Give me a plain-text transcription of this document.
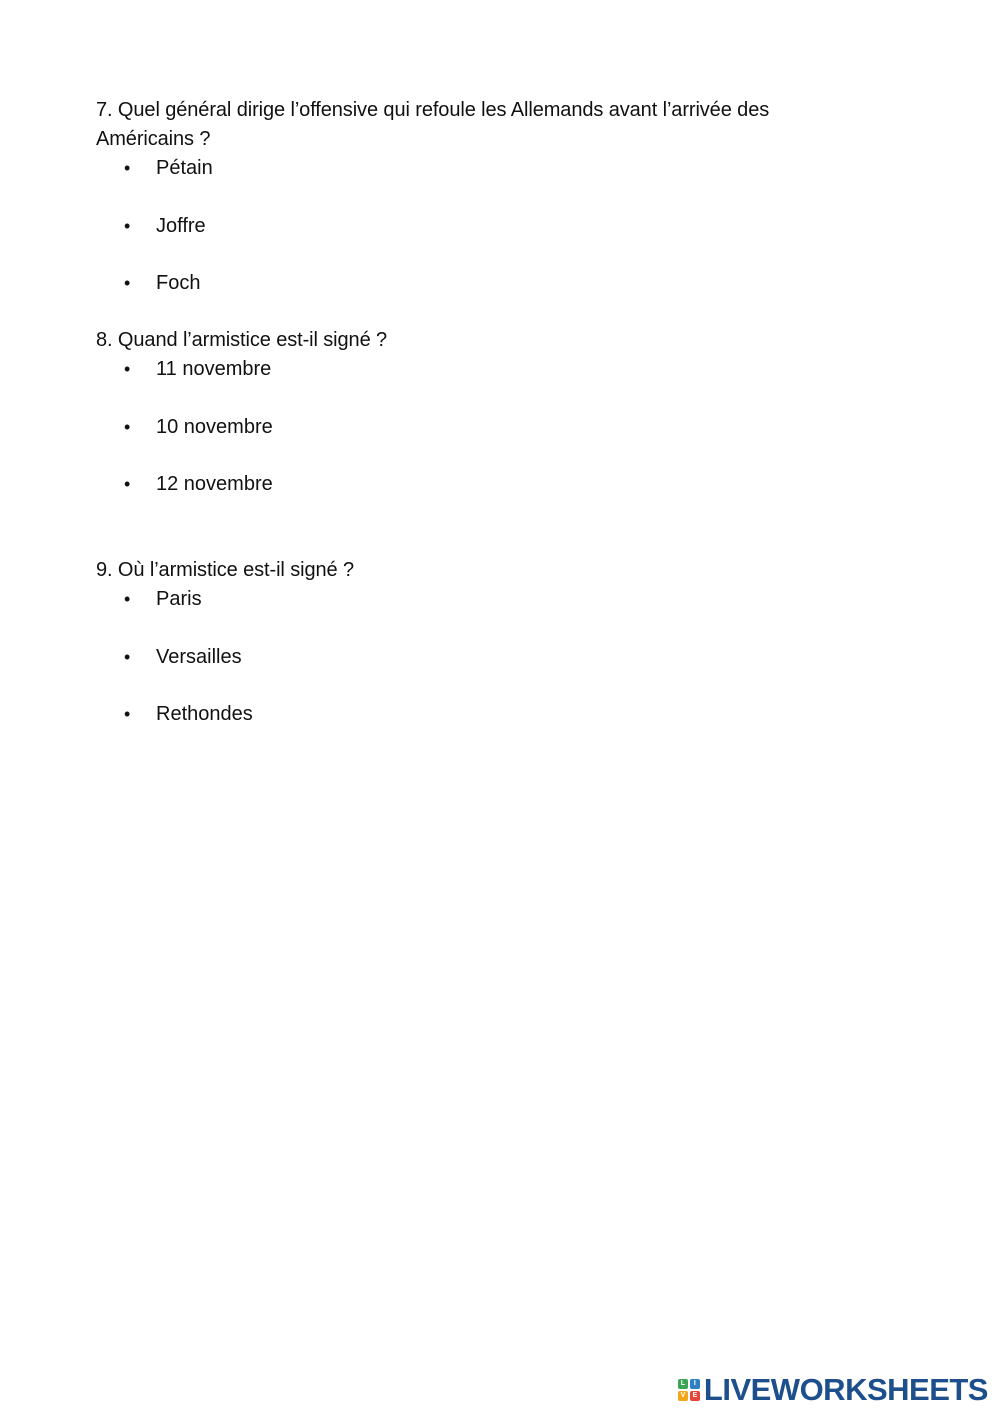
7. Quel général dirige l’offensive qui refoule les Allemands avant l’arrivée des Américains ?

• Pétain
• Joffre
• Foch

8. Quand l’armistice est-il signé ?

• 11 novembre
• 10 novembre
• 12 novembre

9. Où l’armistice est-il signé ?

• Paris
• Versailles
• Rethondes
L	I
V	E LIVEWORKSHEETS
